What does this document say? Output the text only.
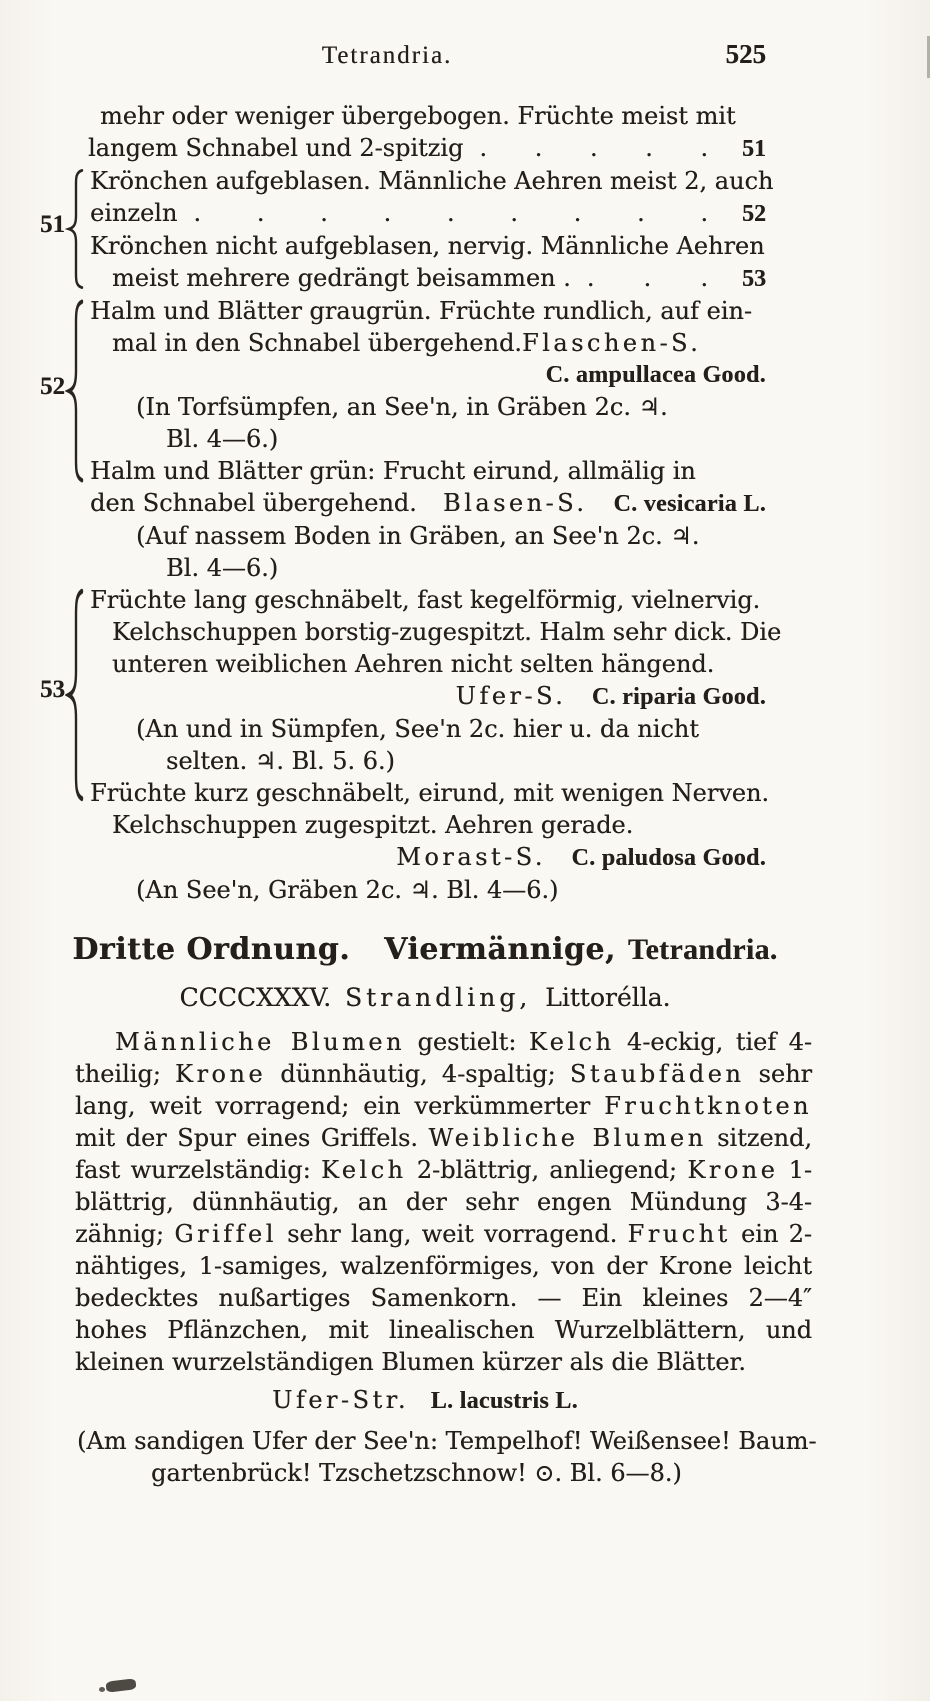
Tetrandria.	525
mehr oder weniger übergebogen. Früchte meist mit
langem Schnabel und 2-spitzig . . . . .	51
51
Krönchen aufgeblasen. Männliche Aehren meist 2, auch
einzeln . . . . . . . . .	52
Krönchen nicht aufgeblasen, nervig. Männliche Aehren
meist mehrere gedrängt beisammen . . . .	53
52
Halm und Blätter graugrün. Früchte rundlich, auf ein-
mal in den Schnabel übergehend. Flaschen-S.
C. ampullacea Good.
(In Torfsümpfen, an See'n, in Gräben 2c. ♃.
Bl. 4—6.)
Halm und Blätter grün: Frucht eirund, allmälig in
den Schnabel übergehend. Blasen-S. C. vesicaria L.
(Auf nassem Boden in Gräben, an See'n 2c. ♃.
Bl. 4—6.)
53
Früchte lang geschnäbelt, fast kegelförmig, vielnervig.
Kelchschuppen borstig-zugespitzt. Halm sehr dick. Die
unteren weiblichen Aehren nicht selten hängend.
Ufer-S. C. riparia Good.
(An und in Sümpfen, See'n 2c. hier u. da nicht
selten. ♃. Bl. 5. 6.)
Früchte kurz geschnäbelt, eirund, mit wenigen Nerven.
Kelchschuppen zugespitzt. Aehren gerade.
Morast-S. C. paludosa Good.
(An See'n, Gräben 2c. ♃. Bl. 4—6.)
Dritte Ordnung. Viermännige, Tetrandria.
CCCCXXXV. Strandling, Littorélla.

Männliche Blumen gestielt: Kelch 4-eckig, tief 4-theilig; Krone dünnhäutig, 4-spaltig; Staubfäden sehr lang, weit vorragend; ein verkümmerter Fruchtknoten mit der Spur eines Griffels. Weibliche Blumen sitzend, fast wurzelständig: Kelch 2-blättrig, anliegend; Krone 1-blättrig, dünnhäutig, an der sehr engen Mündung 3-4-zähnig; Griffel sehr lang, weit vorragend. Frucht ein 2-nähtiges, 1-samiges, walzenförmiges, von der Krone leicht bedecktes nußartiges Samenkorn. — Ein kleines 2—4″ hohes Pflänzchen, mit linealischen Wurzelblättern, und kleinen wurzelständigen Blumen kürzer als die Blätter.

Ufer-Str. L. lacustris L.
(Am sandigen Ufer der See'n: Tempelhof! Weißensee! Baum-
gartenbrück! Tzschetzschnow! ⊙. Bl. 6—8.)
